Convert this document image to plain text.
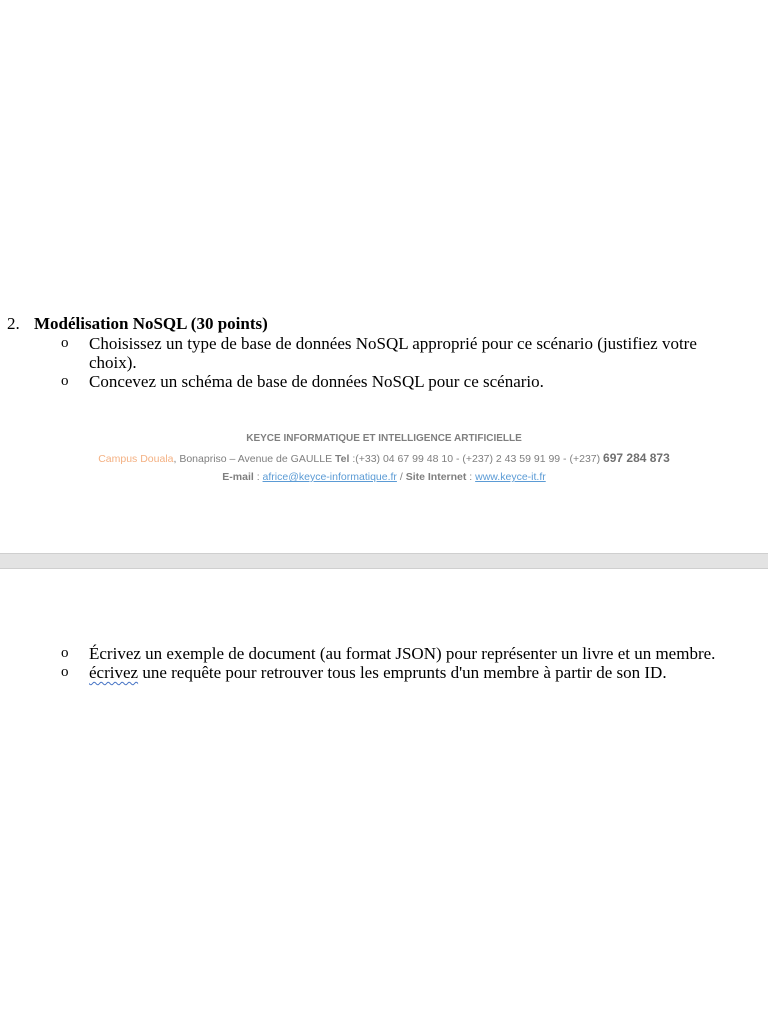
2. Modélisation NoSQL (30 points)
o Choisissez un type de base de données NoSQL approprié pour ce scénario (justifiez votre choix).
o Concevez un schéma de base de données NoSQL pour ce scénario.
KEYCE INFORMATIQUE ET INTELLIGENCE ARTIFICIELLE
Campus Douala, Bonapriso – Avenue de GAULLE Tel :(+33) 04 67 99 48 10 - (+237) 2 43 59 91 99 - (+237) 697 284 873
E-mail : africe@keyce-informatique.fr / Site Internet : www.keyce-it.fr
o Écrivez un exemple de document (au format JSON) pour représenter un livre et un membre.
o écrivez une requête pour retrouver tous les emprunts d'un membre à partir de son ID.
